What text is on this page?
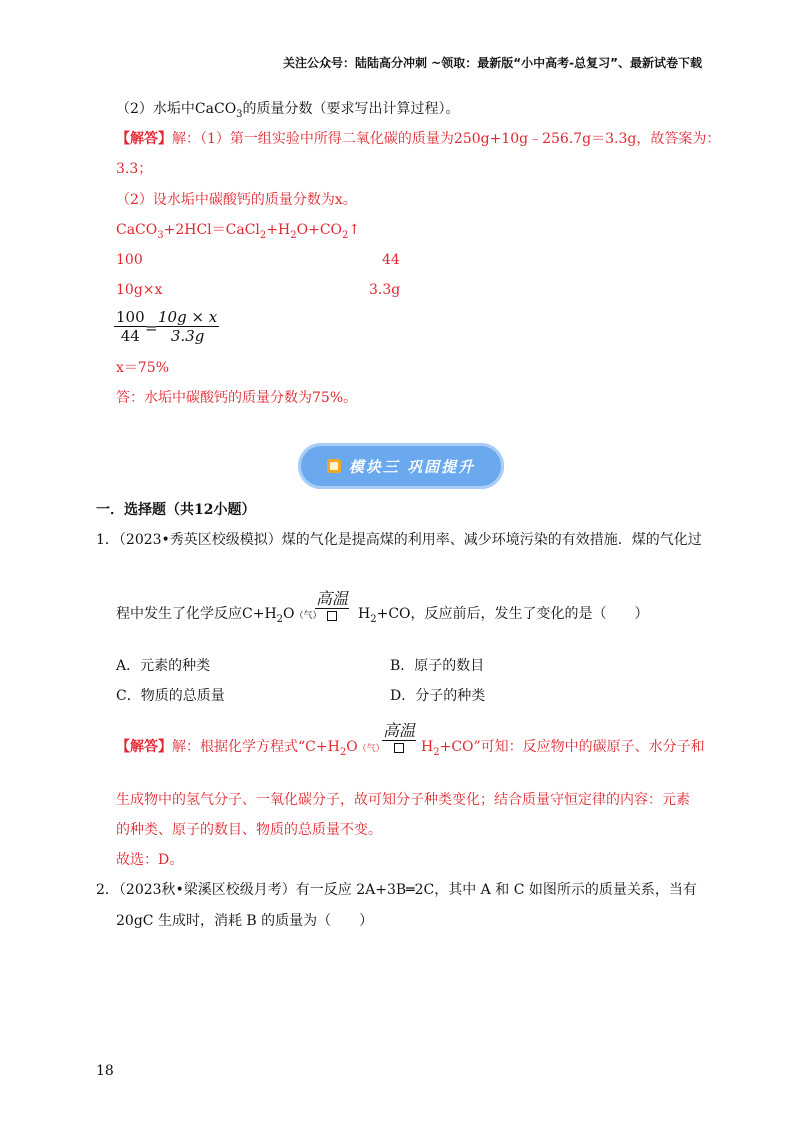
关注公众号：陆陆高分冲刺 ~领取：最新版“小中高考-总复习”、最新试卷下载
（2）水垢中CaCO$_3$的质量分数（要求写出计算过程）。
【解答】解：（1）第一组实验中所得二氧化碳的质量为250g+10g﹣256.7g＝3.3g，故答案为：
3.3；
（2）设水垢中碳酸钙的质量分数为x。
$CaCO_3+2HCl=CaCl_2+H_2O+CO_2↑$
100	44
10g×x	3.3g
$\frac{100}{44}$
=
$\frac{10g \times x}{3.3g}$
x＝75%
答：水垢中碳酸钙的质量分数为75%。
模块三 巩固提升
一．选择题（共12小题）
1．（2023•秀英区校级模拟）煤的气化是提高煤的利用率、减少环境污染的有效措施．煤的气化过
程中发生了化学反应$C+H_2O$（气）
高温
$H_2+CO$，反应前后，发生了变化的是（　　）
A．元素的种类	B．原子的数目
C．物质的总质量	D．分子的种类
【解答】解：根据化学方程式“$C+H_2O$（气）
高温
$H_2+CO$”可知：反应物中的碳原子、水分子和
生成物中的氢气分子、一氧化碳分子，故可知分子种类变化；结合质量守恒定律的内容：元素
的种类、原子的数目、物质的总质量不变。
故选：D。
2．（2023秋•梁溪区校级月考）有一反应 2A+3B═2C，其中 A 和 C 如图所示的质量关系，当有
20gC 生成时，消耗 B 的质量为（　　）
18
